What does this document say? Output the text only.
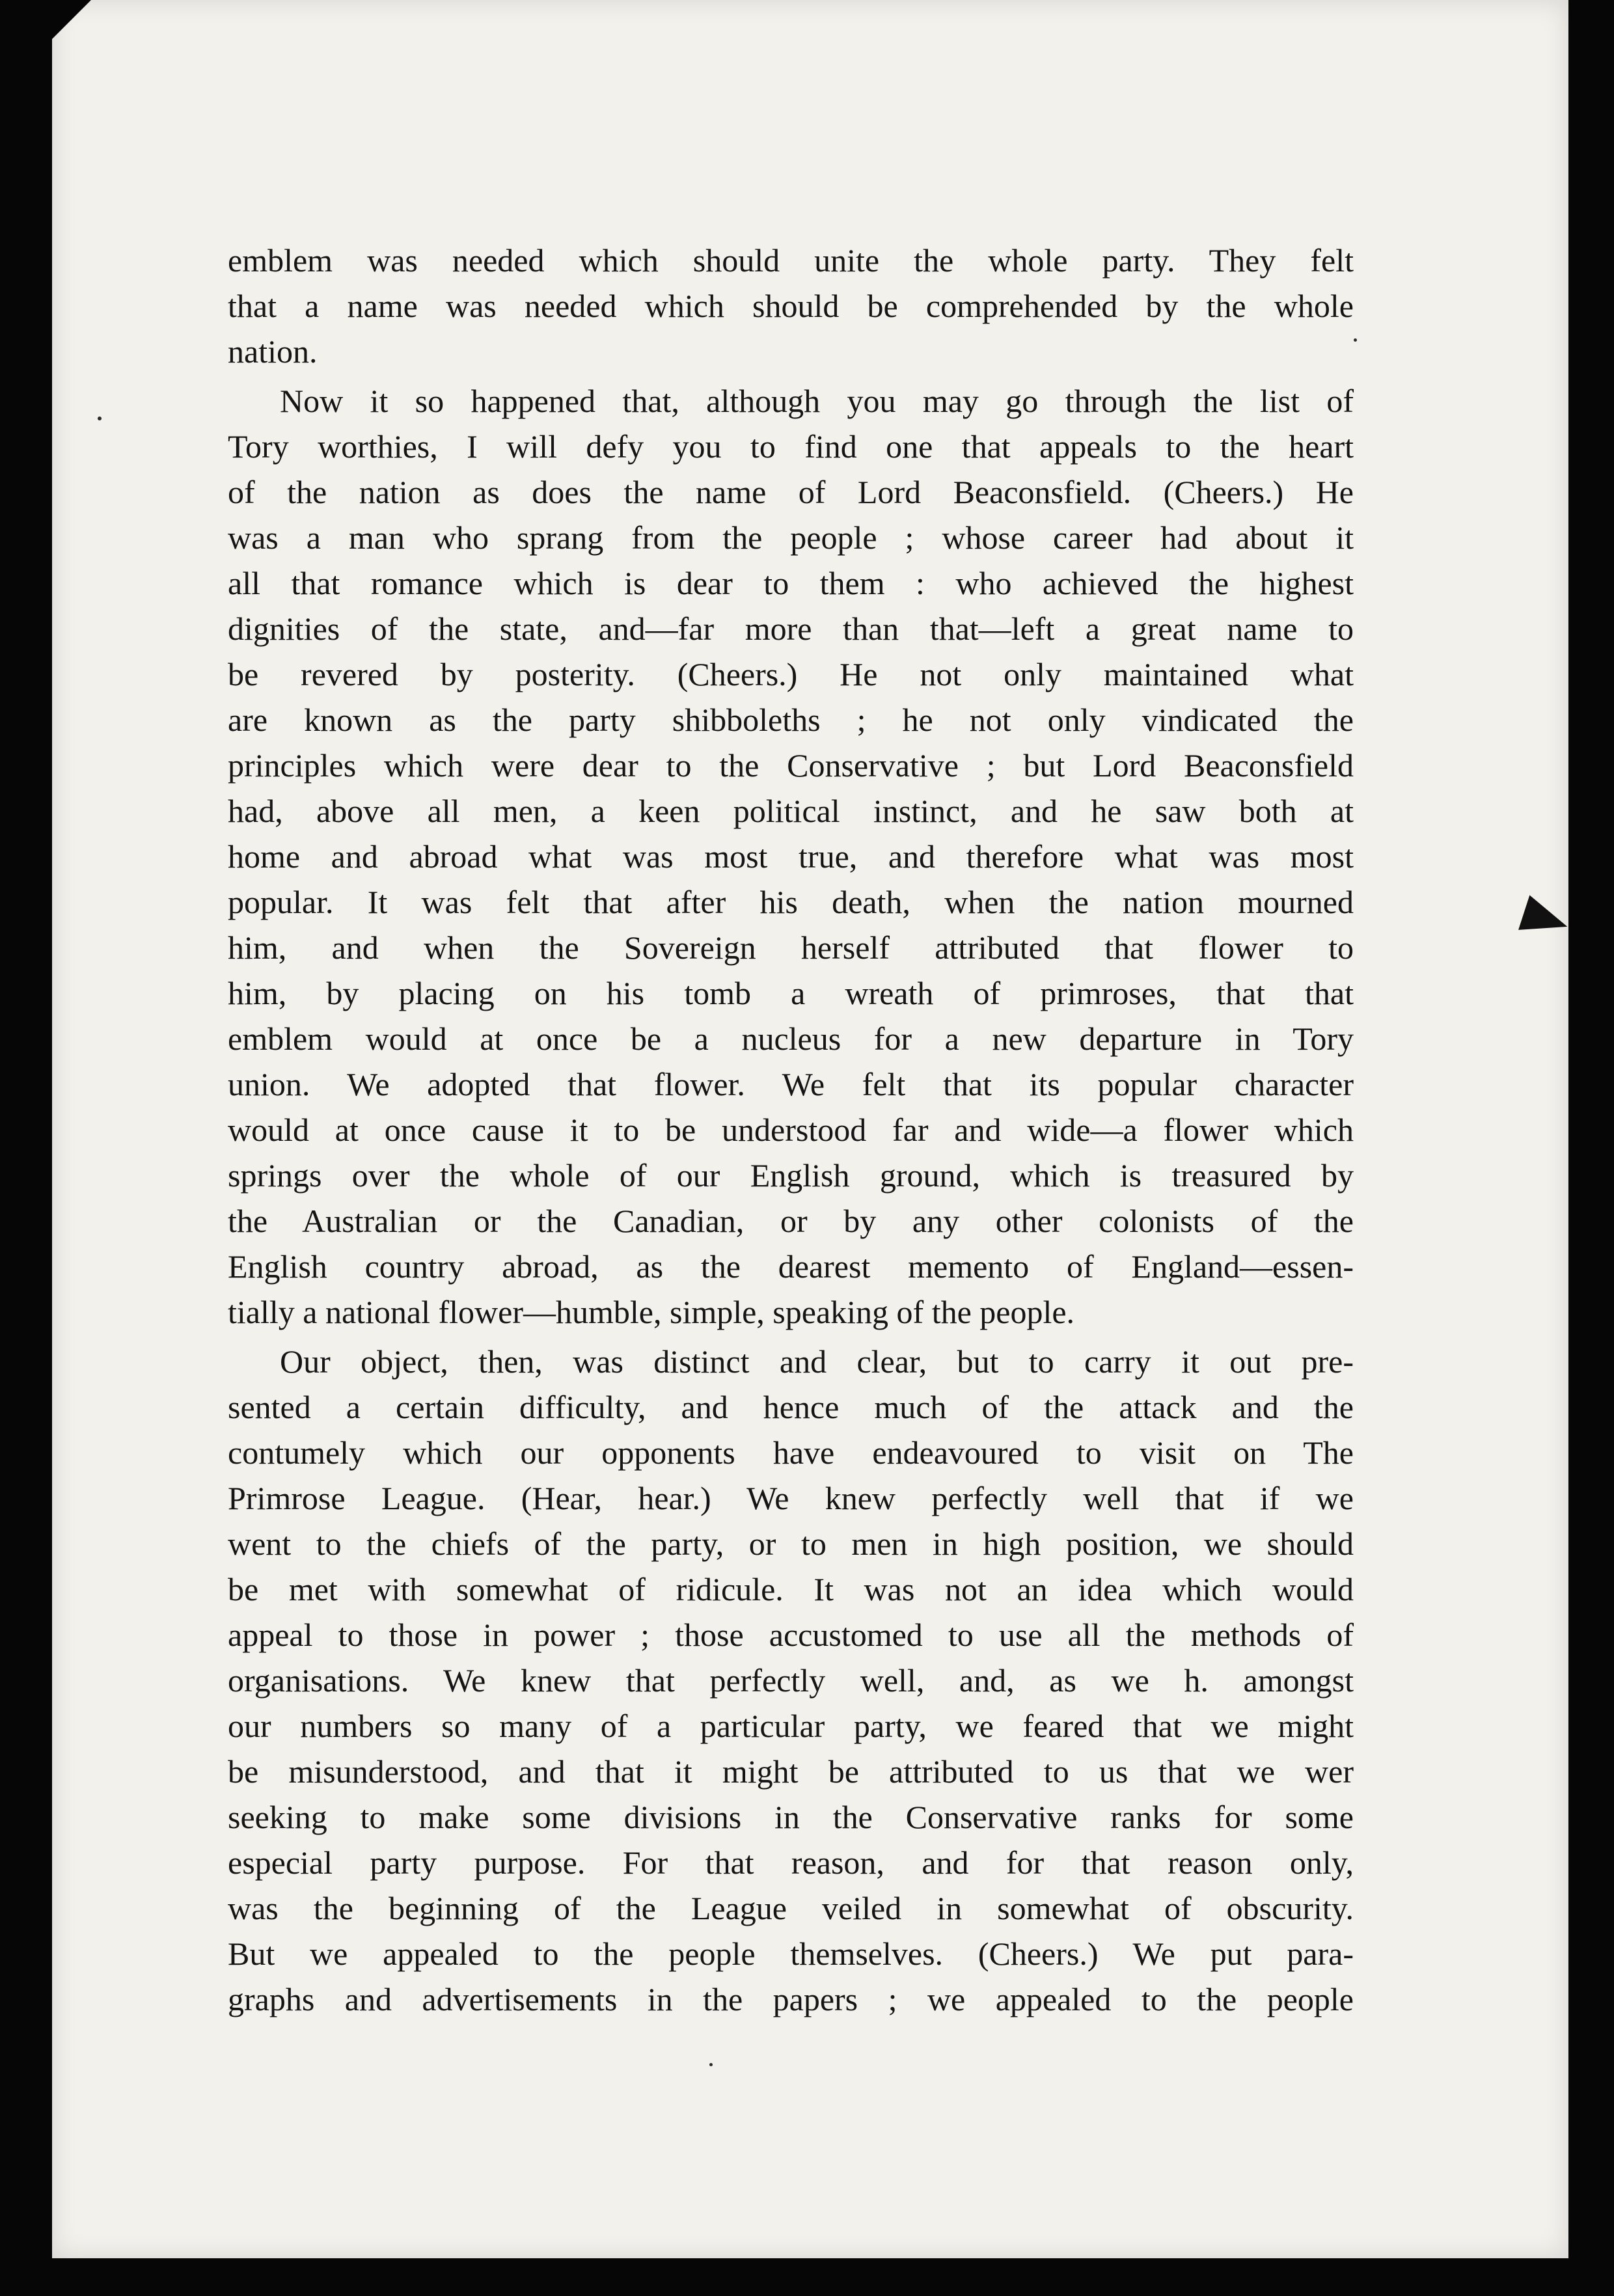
emblem was needed which should unite the whole party. They felt
that a name was needed which should be comprehended by the whole
nation.

Now it so happened that, although you may go through the list of
Tory worthies, I will defy you to find one that appeals to the heart
of the nation as does the name of Lord Beaconsfield. (Cheers.) He
was a man who sprang from the people ; whose career had about it
all that romance which is dear to them : who achieved the highest
dignities of the state, and—far more than that—left a great name to
be revered by posterity. (Cheers.) He not only maintained what
are known as the party shibboleths ; he not only vindicated the
principles which were dear to the Conservative ; but Lord Beaconsfield
had, above all men, a keen political instinct, and he saw both at
home and abroad what was most true, and therefore what was most
popular. It was felt that after his death, when the nation mourned
him, and when the Sovereign herself attributed that flower to
him, by placing on his tomb a wreath of primroses, that that
emblem would at once be a nucleus for a new departure in Tory
union. We adopted that flower. We felt that its popular character
would at once cause it to be understood far and wide—a flower which
springs over the whole of our English ground, which is treasured by
the Australian or the Canadian, or by any other colonists of the
English country abroad, as the dearest memento of England—essen-
tially a national flower—humble, simple, speaking of the people.

Our object, then, was distinct and clear, but to carry it out pre-
sented a certain difficulty, and hence much of the attack and the
contumely which our opponents have endeavoured to visit on The
Primrose League. (Hear, hear.) We knew perfectly well that if we
went to the chiefs of the party, or to men in high position, we should
be met with somewhat of ridicule. It was not an idea which would
appeal to those in power ; those accustomed to use all the methods of
organisations. We knew that perfectly well, and, as we h. amongst
our numbers so many of a particular party, we feared that we might
be misunderstood, and that it might be attributed to us that we wer
seeking to make some divisions in the Conservative ranks for some
especial party purpose. For that reason, and for that reason only,
was the beginning of the League veiled in somewhat of obscurity.
But we appealed to the people themselves. (Cheers.) We put para-
graphs and advertisements in the papers ; we appealed to the people
